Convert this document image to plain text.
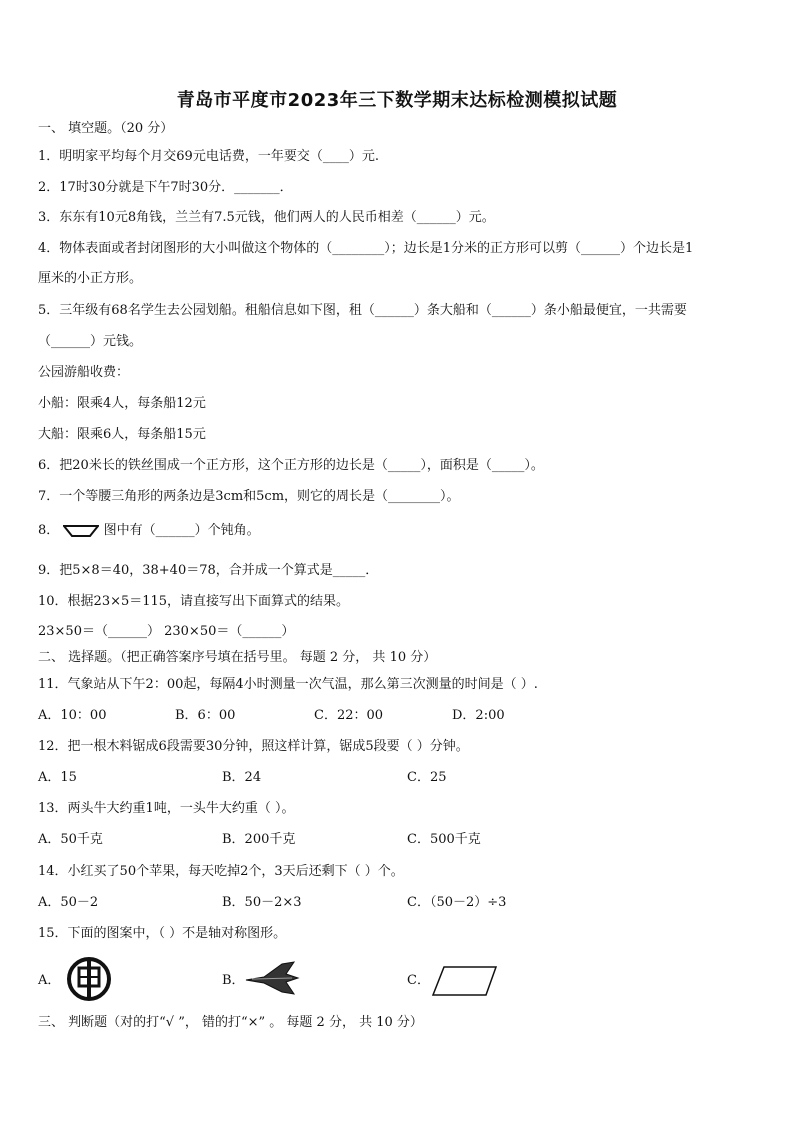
青岛市平度市2023年三下数学期末达标检测模拟试题
一、 填空题。（20 分）
1．明明家平均每个月交69元电话费，一年要交（____）元.
2．17时30分就是下午7时30分．_______．
3．东东有10元8角钱，兰兰有7.5元钱，他们两人的人民币相差（______）元。
4．物体表面或者封闭图形的大小叫做这个物体的（________）；边长是1分米的正方形可以剪（______）个边长是1
厘米的小正方形。
5．三年级有68名学生去公园划船。租船信息如下图，租（______）条大船和（______）条小船最便宜，一共需要
（______）元钱。
公园游船收费：
小船：限乘4人，每条船12元
大船：限乘6人，每条船15元
6．把20米长的铁丝围成一个正方形，这个正方形的边长是（_____），面积是（_____）。
7．一个等腰三角形的两条边是3cm和5cm，则它的周长是（________）。
8．	图中有（______）个钝角。
9．把5×8＝40，38+40＝78，合并成一个算式是_____．
10．根据23×5＝115，请直接写出下面算式的结果。
23×50＝（______） 230×50＝（______）
二、 选择题。（把正确答案序号填在括号里。 每题 2 分， 共 10 分）
11．气象站从下午2：00起，每隔4小时测量一次气温，那么第三次测量的时间是（ ）.
A．10：00	B．6：00	C．22：00	D．2:00
12．把一根木料锯成6段需要30分钟，照这样计算，锯成5段要（ ）分钟。
A．15	B．24	C．25
13．两头牛大约重1吨，一头牛大约重（ ）。
A．50千克	B．200千克	C．500千克
14．小红买了50个苹果，每天吃掉2个，3天后还剩下（ ）个。
A．50－2	B．50－2×3	C．（50－2）÷3
15．下面的图案中，（ ）不是轴对称图形。
A．	B．	C．
三、 判断题（对的打“√ ”， 错的打“×” 。 每题 2 分， 共 10 分）
